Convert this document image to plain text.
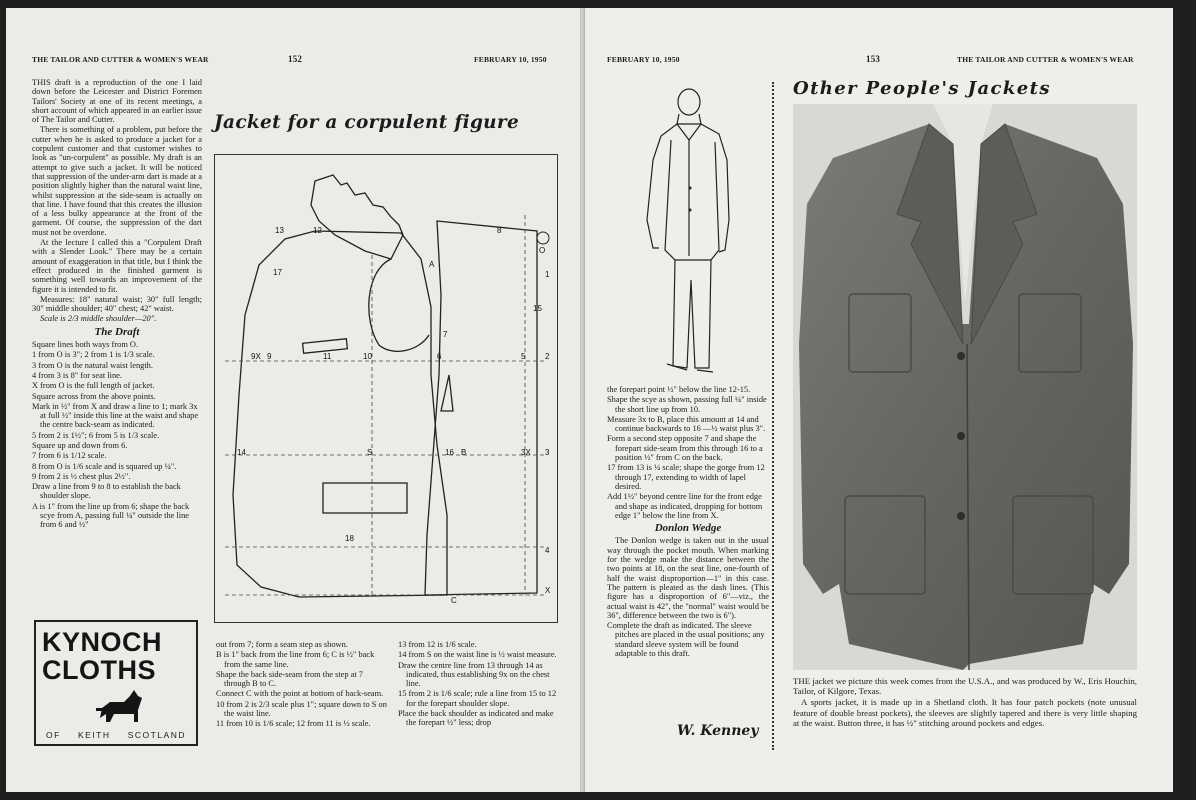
THE TAILOR AND CUTTER & WOMEN'S WEAR	152	FEBRUARY 10, 1950

THIS draft is a reproduction of the one I laid down before the Leicester and District Foremen Tailors' Society at one of its recent meetings, a short account of which appeared in an earlier issue of The Tailor and Cutter.

There is something of a problem, put before the cutter when he is asked to produce a jacket for a corpulent customer and that customer wishes to look as "un-corpulent" as possible. My draft is an attempt to give such a jacket. It will be noticed that suppression of the under-arm dart is made at a position slightly higher than the natural waist line, whilst suppression at the side-seam is actually on that line. I have found that this creates the illusion of a less bulky appearance at the front of the garment. Of course, the suppression of the dart must not be overdone.

At the lecture I called this a "Corpulent Draft with a Slender Look." There may be a certain amount of exaggeration in that title, but I think the effect produced in the finished garment is something well towards an improvement of the figure it is intended to fit.

Measures: 18" natural waist; 30" full length; 30" middle shoulder; 40" chest; 42" waist.

Scale is 2/3 middle shoulder—20".

The Draft

Square lines both ways from O.

1 from O is 3"; 2 from 1 is 1/3 scale.

3 from O is the natural waist length.

4 from 3 is 8" for seat line.

X from O is the full length of jacket.

Square across from the above points.

Mark in ½" from X and draw a line to 1; mark 3x at full ½" inside this line at the waist and shape the centre back-seam as indicated.

5 from 2 is 1½"; 6 from 5 is 1/3 scale.

Square up and down from 6.

7 from 6 is 1/12 scale.

8 from O is 1/6 scale and is squared up ¼".

9 from 2 is ½ chest plus 2½".

Draw a line from 9 to 8 to establish the back shoulder slope.

A is 1" from the line up from 6; shape the back scye from A, passing full ¼" outside the line from 6 and ½"

Jacket for a corpulent figure
13	12	8
1
O
17
A
7
15
9X 9	11	10	6	5 2
14	S	16 B	3X 3
18
4
C
X
KYNOCH
CLOTHS
OF KEITH SCOTLAND

out from 7; form a seam step as shown.

B is 1" back from the line from 6; C is ½" back from the same line.

Shape the back side-seam from the step at 7 through B to C.

Connect C with the point at bottom of back-seam.

10 from 2 is 2/3 scale plus 1"; square down to S on the waist line.

11 from 10 is 1/6 scale; 12 from 11 is ½ scale.

13 from 12 is 1/6 scale.

14 from S on the waist line is ½ waist measure.

Draw the centre line from 13 through 14 as indicated, thus establishing 9x on the chest line.

15 from 2 is 1/6 scale; rule a line from 15 to 12 for the forepart shoulder slope.

Place the back shoulder as indicated and make the forepart ½" less; drop

FEBRUARY 10, 1950	153	THE TAILOR AND CUTTER & WOMEN'S WEAR

the forepart point ½" below the line 12-15.

Shape the scye as shown, passing full ¼" inside the short line up from 10.

Measure 3x to B, place this amount at 14 and continue backwards to 16 —½ waist plus 3".

Form a second step opposite 7 and shape the forepart side-seam from this through 16 to a position ½" from C on the back.

17 from 13 is ¼ scale; shape the gorge from 12 through 17, extending to width of lapel desired.

Add 1½" beyond centre line for the front edge and shape as indicated, dropping for bottom edge 1" below the line from X.

Donlon Wedge

The Donlon wedge is taken out in the usual way through the pocket mouth. When marking for the wedge make the distance between the two points at 18, on the seat line, one-fourth of half the waist disproportion—1" in this case. The pattern is pleated as the dash lines. (This figure has a disproportion of 6"—viz., the actual waist is 42", the "normal" waist would be 36", difference between the two is 6").

Complete the draft as indicated. The sleeve pitches are placed in the usual positions; any standard sleeve system will be found adaptable to this draft.

W. Kenney
Other People's Jackets

THE jacket we picture this week comes from the U.S.A., and was produced by W., Eris Houchin, Tailor, of Kilgore, Texas.

A sports jacket, it is made up in a Shetland cloth. It has four patch pockets (note unusual feature of double breast pockets), the sleeves are slightly tapered and there is very little shaping at the waist. Button three, it has ½" stitching around pockets and edges.
